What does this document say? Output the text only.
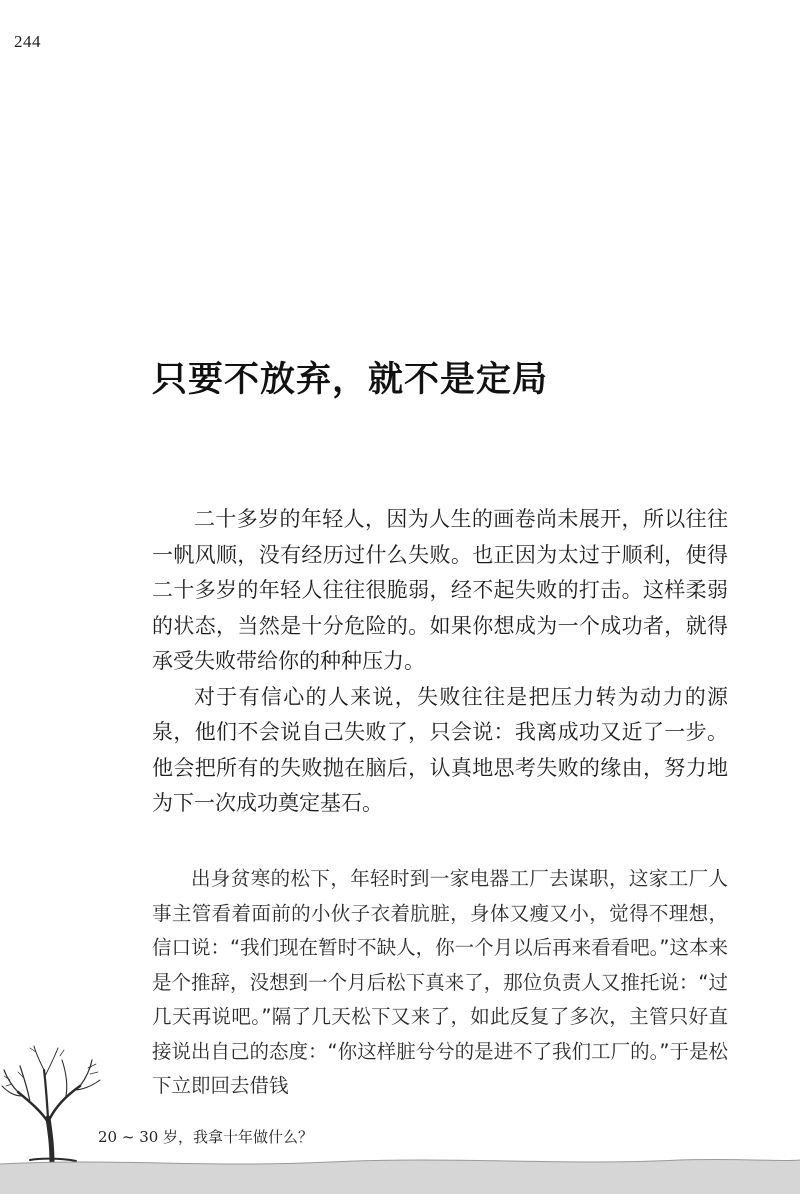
244
只要不放弃，就不是定局

二十多岁的年轻人，因为人生的画卷尚未展开，所以往往一帆风顺，没有经历过什么失败。也正因为太过于顺利，使得二十多岁的年轻人往往很脆弱，经不起失败的打击。这样柔弱的状态，当然是十分危险的。如果你想成为一个成功者，就得承受失败带给你的种种压力。

对于有信心的人来说，失败往往是把压力转为动力的源泉，他们不会说自己失败了，只会说：我离成功又近了一步。他会把所有的失败抛在脑后，认真地思考失败的缘由，努力地为下一次成功奠定基石。

出身贫寒的松下，年轻时到一家电器工厂去谋职，这家工厂人事主管看着面前的小伙子衣着肮脏，身体又瘦又小，觉得不理想，信口说：“我们现在暂时不缺人，你一个月以后再来看看吧。”这本来是个推辞，没想到一个月后松下真来了，那位负责人又推托说：“过几天再说吧。”隔了几天松下又来了，如此反复了多次，主管只好直接说出自己的态度：“你这样脏兮兮的是进不了我们工厂的。”于是松下立即回去借钱

20 ~ 30 岁，我拿十年做什么？
